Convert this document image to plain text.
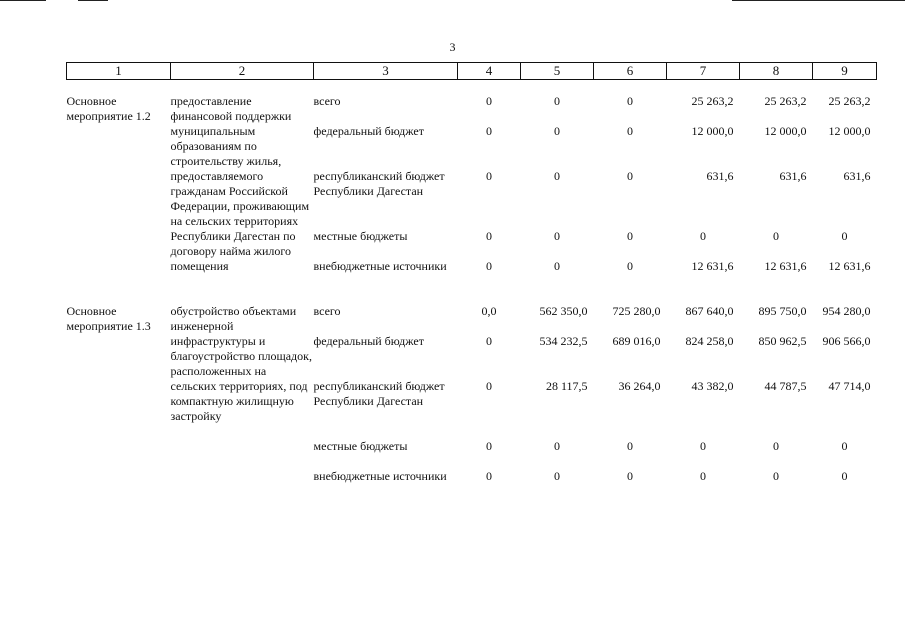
3
1	2	3	4	5	6	7	8	9

Основное мероприятие 1.2	предоставление финансовой поддержки муниципальным образованиям по строительству жилья, предоставляемого гражданам Российской Федерации, проживающим на сельских территориях Республики Дагестан по договору найма жилого помещения	всего	0	0	0	25 263,2	25 263,2	25 263,2
		федеральный бюджет	0	0	0	12 000,0	12 000,0	12 000,0
		республиканский бюджет Республики Дагестан	0	0	0	631,6	631,6	631,6
		местные бюджеты	0	0	0	0	0	0
		внебюджетные источники	0	0	0	12 631,6	12 631,6	12 631,6
Основное мероприятие 1.3	обустройство объектами инженерной инфраструктуры и благоустройство площадок, расположенных на сельских территориях, под компактную жилищную застройку	всего	0,0	562 350,0	725 280,0	867 640,0	895 750,0	954 280,0
		федеральный бюджет	0	534 232,5	689 016,0	824 258,0	850 962,5	906 566,0
		республиканский бюджет Республики Дагестан	0	28 117,5	36 264,0	43 382,0	44 787,5	47 714,0
		местные бюджеты	0	0	0	0	0	0
		внебюджетные источники	0	0	0	0	0	0
